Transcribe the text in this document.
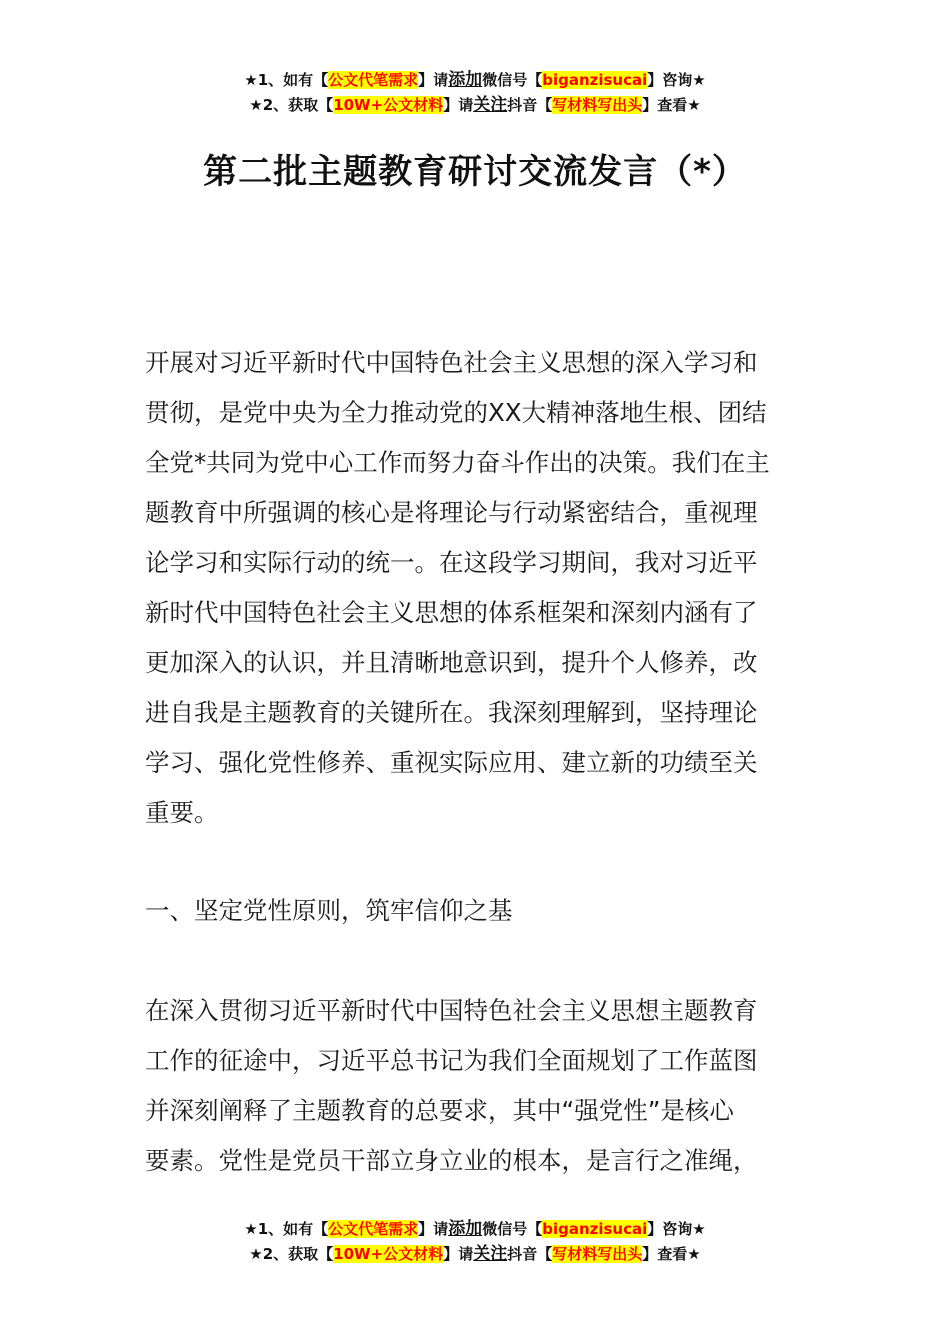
★1、如有【公文代笔需求】请添加微信号【biganzisucai】咨询★
★2、获取【10W+公文材料】请关注抖音【写材料写出头】查看★
第二批主题教育研讨交流发言（*）
开展对习近平新时代中国特色社会主义思想的深入学习和
贯彻，是党中央为全力推动党的XX大精神落地生根、团结
全党*共同为党中心工作而努力奋斗作出的决策。我们在主
题教育中所强调的核心是将理论与行动紧密结合，重视理
论学习和实际行动的统一。在这段学习期间，我对习近平
新时代中国特色社会主义思想的体系框架和深刻内涵有了
更加深入的认识，并且清晰地意识到，提升个人修养，改
进自我是主题教育的关键所在。我深刻理解到，坚持理论
学习、强化党性修养、重视实际应用、建立新的功绩至关
重要。
一、坚定党性原则，筑牢信仰之基
在深入贯彻习近平新时代中国特色社会主义思想主题教育
工作的征途中，习近平总书记为我们全面规划了工作蓝图
并深刻阐释了主题教育的总要求，其中“强党性”是核心
要素。党性是党员干部立身立业的根本，是言行之准绳，
★1、如有【公文代笔需求】请添加微信号【biganzisucai】咨询★
★2、获取【10W+公文材料】请关注抖音【写材料写出头】查看★
